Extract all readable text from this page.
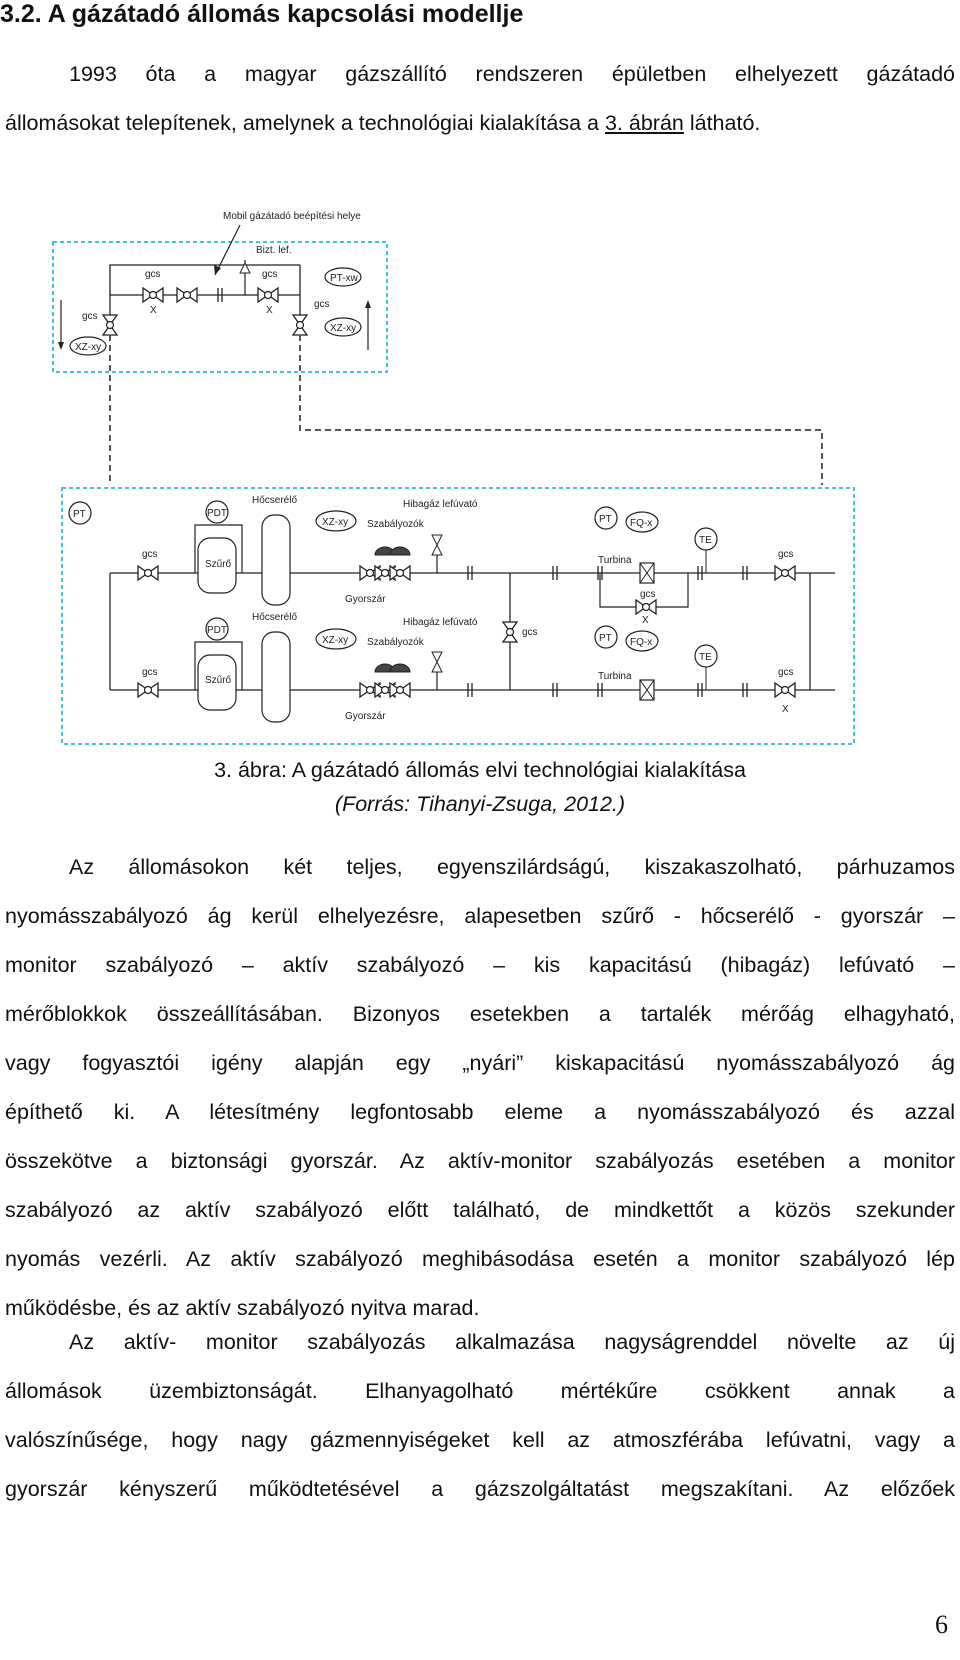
3.2. A gázátadó állomás kapcsolási modellje
1993 óta a magyar gázszállító rendszeren épületben elhelyezett gázátadó
állomásokat telepítenek, amelynek a technológiai kialakítása a 3. ábrán látható.
Mobil gázátadó beépítési helye
Bizt. lef.
gcs
X
gcs
X
gcs
gcs
PT-xw
XZ-xy
XZ-xy
PT
gcs
PDT
Szűrő
Hőcserélő
XZ-xy Szabályozók
Gyorszár
Hibagáz lefúvató
PT FQ-x
Turbina
TE
gcs
gcs
X
gcs
gcs
PDT
Szűrő
Hőcserélő
XZ-xy Szabályozók
Gyorszár
Hibagáz lefúvató
PT FQ-x
Turbina
TE
gcs
X
3. ábra: A gázátadó állomás elvi technológiai kialakítása
(Forrás: Tihanyi-Zsuga, 2012.)
Az állomásokon két teljes, egyenszilárdságú, kiszakaszolható, párhuzamos
nyomásszabályozó ág kerül elhelyezésre, alapesetben szűrő - hőcserélő - gyorszár –
monitor szabályozó – aktív szabályozó – kis kapacitású (hibagáz) lefúvató –
mérőblokkok összeállításában. Bizonyos esetekben a tartalék mérőág elhagyható,
vagy fogyasztói igény alapján egy „nyári” kiskapacitású nyomásszabályozó ág
építhető ki. A létesítmény legfontosabb eleme a nyomásszabályozó és azzal
összekötve a biztonsági gyorszár. Az aktív-monitor szabályozás esetében a monitor
szabályozó az aktív szabályozó előtt található, de mindkettőt a közös szekunder
nyomás vezérli. Az aktív szabályozó meghibásodása esetén a monitor szabályozó lép
működésbe, és az aktív szabályozó nyitva marad.
Az aktív- monitor szabályozás alkalmazása nagyságrenddel növelte az új
állomások üzembiztonságát. Elhanyagolható mértékűre csökkent annak a
valószínűsége, hogy nagy gázmennyiségeket kell az atmoszférába lefúvatni, vagy a
gyorszár kényszerű működtetésével a gázszolgáltatást megszakítani. Az előzőek
6
